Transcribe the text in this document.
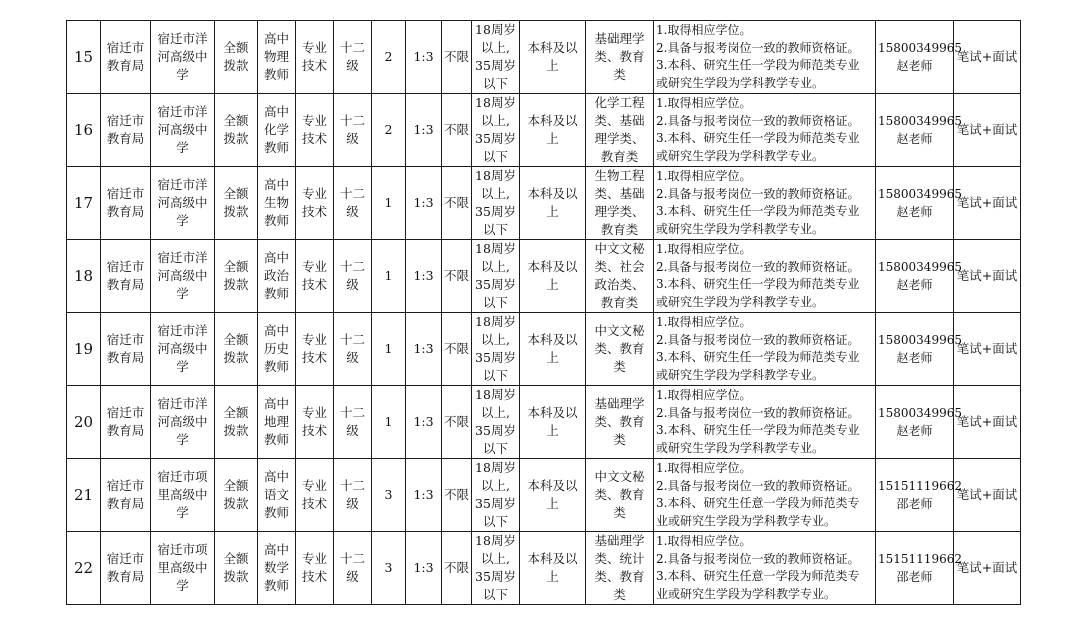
15	宿迁市
教育局	宿迁市洋
河高级中
学	全额
拨款	高中
物理
教师	专业
技术	十二
级	2	1:3	不限	18周岁
以上,
35周岁
以下	本科及以
上	基础理学
类、教育
类	1.取得相应学位。
2.具备与报考岗位一致的教师资格证。
3.本科、研究生任一学段为师范类专业
或研究生学段为学科教学专业。	15800349965
赵老师	笔试+面试
16	宿迁市
教育局	宿迁市洋
河高级中
学	全额
拨款	高中
化学
教师	专业
技术	十二
级	2	1:3	不限	18周岁
以上,
35周岁
以下	本科及以
上	化学工程
类、基础
理学类、
教育类	1.取得相应学位。
2.具备与报考岗位一致的教师资格证。
3.本科、研究生任一学段为师范类专业
或研究生学段为学科教学专业。	15800349965
赵老师	笔试+面试
17	宿迁市
教育局	宿迁市洋
河高级中
学	全额
拨款	高中
生物
教师	专业
技术	十二
级	1	1:3	不限	18周岁
以上,
35周岁
以下	本科及以
上	生物工程
类、基础
理学类、
教育类	1.取得相应学位。
2.具备与报考岗位一致的教师资格证。
3.本科、研究生任一学段为师范类专业
或研究生学段为学科教学专业。	15800349965
赵老师	笔试+面试
18	宿迁市
教育局	宿迁市洋
河高级中
学	全额
拨款	高中
政治
教师	专业
技术	十二
级	1	1:3	不限	18周岁
以上,
35周岁
以下	本科及以
上	中文文秘
类、社会
政治类、
教育类	1.取得相应学位。
2.具备与报考岗位一致的教师资格证。
3.本科、研究生任一学段为师范类专业
或研究生学段为学科教学专业。	15800349965
赵老师	笔试+面试
19	宿迁市
教育局	宿迁市洋
河高级中
学	全额
拨款	高中
历史
教师	专业
技术	十二
级	1	1:3	不限	18周岁
以上,
35周岁
以下	本科及以
上	中文文秘
类、教育
类	1.取得相应学位。
2.具备与报考岗位一致的教师资格证。
3.本科、研究生任一学段为师范类专业
或研究生学段为学科教学专业。	15800349965
赵老师	笔试+面试
20	宿迁市
教育局	宿迁市洋
河高级中
学	全额
拨款	高中
地理
教师	专业
技术	十二
级	1	1:3	不限	18周岁
以上,
35周岁
以下	本科及以
上	基础理学
类、教育
类	1.取得相应学位。
2.具备与报考岗位一致的教师资格证。
3.本科、研究生任一学段为师范类专业
或研究生学段为学科教学专业。	15800349965
赵老师	笔试+面试
21	宿迁市
教育局	宿迁市项
里高级中
学	全额
拨款	高中
语文
教师	专业
技术	十二
级	3	1:3	不限	18周岁
以上,
35周岁
以下	本科及以
上	中文文秘
类、教育
类	1.取得相应学位。
2.具备与报考岗位一致的教师资格证。
3.本科、研究生任意一学段为师范类专
业或研究生学段为学科教学专业。	15151119662
邵老师	笔试+面试
22	宿迁市
教育局	宿迁市项
里高级中
学	全额
拨款	高中
数学
教师	专业
技术	十二
级	3	1:3	不限	18周岁
以上,
35周岁
以下	本科及以
上	基础理学
类、统计
类、教育
类	1.取得相应学位。
2.具备与报考岗位一致的教师资格证。
3.本科、研究生任意一学段为师范类专
业或研究生学段为学科教学专业。	15151119662
邵老师	笔试+面试
